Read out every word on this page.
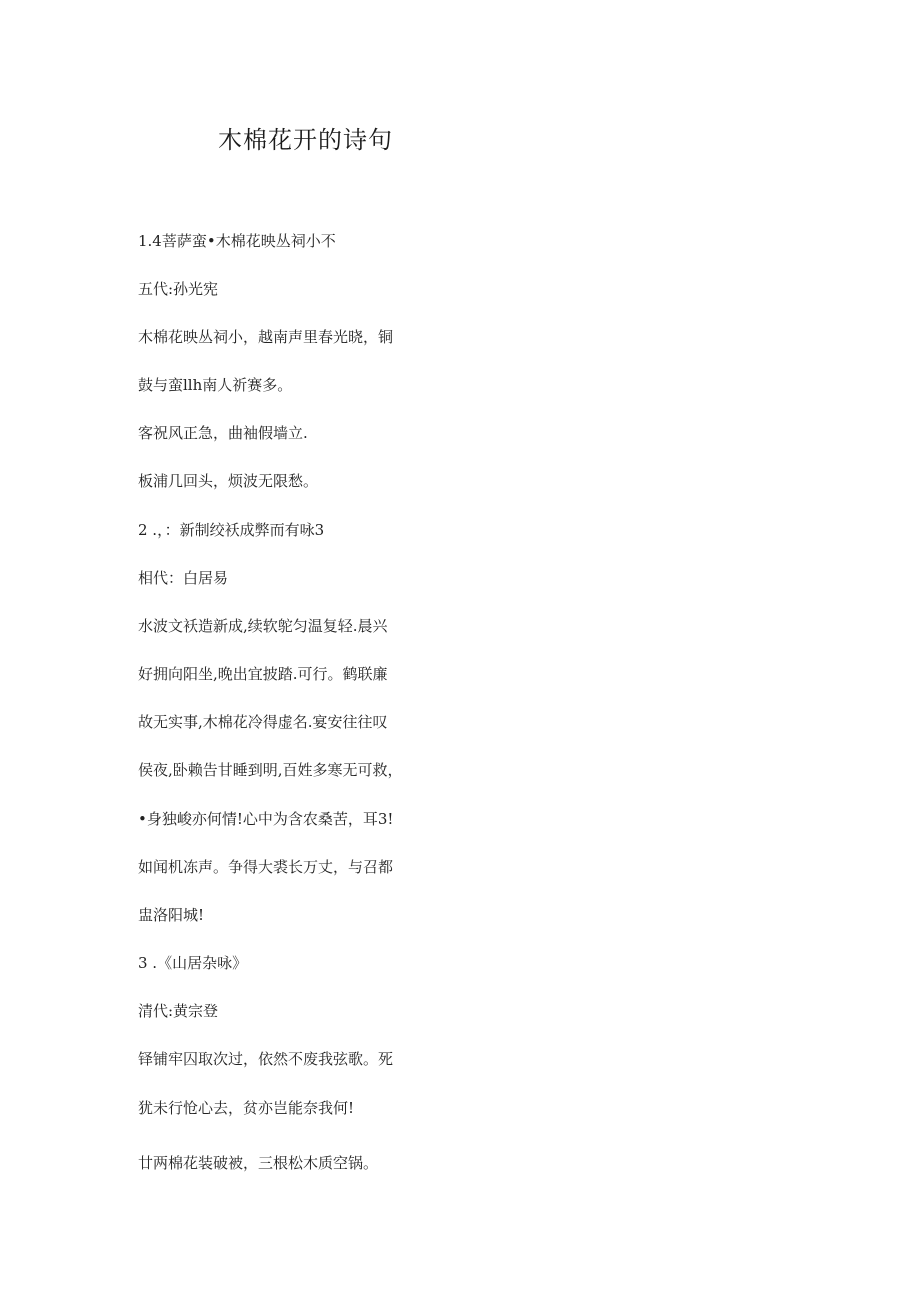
木棉花开的诗句
1.4菩萨蛮•木棉花映丛祠小不
五代:孙光宪
木棉花映丛祠小，越南声里春光晓，铜
鼓与蛮llh南人祈赛多。
客祝风正急，曲袖假墙立.
板浦几回头，烦波无限愁。
2 .，：新制绞袄成弊而有咏3
相代：白居易
水波文袄造新成,续软鸵匀温复轻.晨兴
好拥向阳坐,晚出宜披踏.可行。鹤联廉
故无实事,木棉花冷得虚名.宴安往往叹
侯夜,卧赖告甘睡到明,百姓多寒无可救，
•身独峻亦何情!心中为含农桑苦，耳3!
如闻机冻声。争得大裘长万丈，与召都
盅洛阳城!
3 .《山居杂咏》
清代:黄宗登
铎铺牢囚取次过，依然不废我弦歌。死
犹未行怆心去，贫亦岂能奈我何!
廿两棉花装破被，三根松木质空锅。
